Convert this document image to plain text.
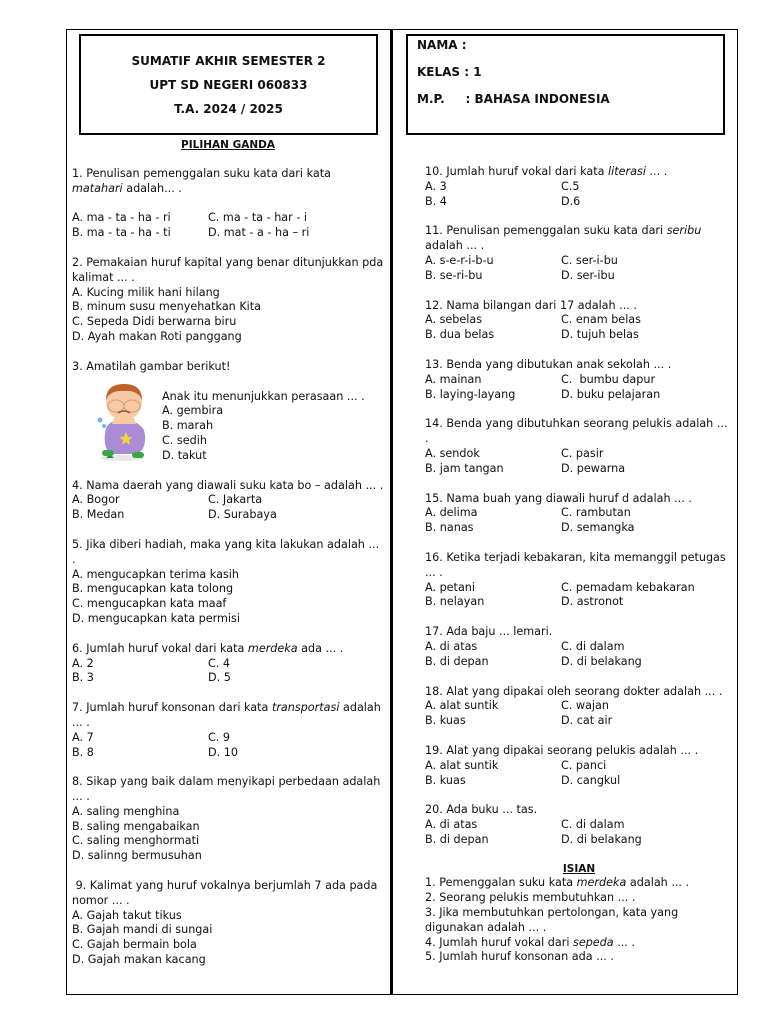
SUMATIF AKHIR SEMESTER 2
UPT SD NEGERI 060833
T.A. 2024 / 2025
NAMA :
KELAS : 1
M.P.     : BAHASA INDONESIA

PILIHAN GANDA

1. Penulisan pemenggalan suku kata dari kata matahari adalah... .

A. ma - ta - ha - ri	C. ma - ta - har - i
B. ma - ta - ha - ti	D. mat - a - ha – ri

2. Pemakaian huruf kapital yang benar ditunjukkan pda kalimat ... .

A. Kucing milik hani hilang
B. minum susu menyehatkan Kita
C. Sepeda Didi berwarna biru
D. Ayah makan Roti panggang

3. Amatilah gambar berikut!

Anak itu menunjukkan perasaan ... .
A. gembira
B. marah
C. sedih
D. takut

4. Nama daerah yang diawali suku kata bo – adalah ... .

A. Bogor	C. Jakarta
B. Medan	D. Surabaya

5. Jika diberi hadiah, maka yang kita lakukan adalah ... .

A. mengucapkan terima kasih
B. mengucapkan kata tolong
C. mengucapkan kata maaf
D. mengucapkan kata permisi

6. Jumlah huruf vokal dari kata merdeka ada ... .

A. 2	C. 4
B. 3	D. 5

7. Jumlah huruf konsonan dari kata transportasi adalah ... .

A. 7	C. 9
B. 8	D. 10

8. Sikap yang baik dalam menyikapi perbedaan adalah ... .

A. saling menghina
B. saling mengabaikan
C. saling menghormati
D. salinng bermusuhan

9. Kalimat yang huruf vokalnya berjumlah 7 ada pada nomor ... .

A. Gajah takut tikus
B. Gajah mandi di sungai
C. Gajah bermain bola
D. Gajah makan kacang

10. Jumlah huruf vokal dari kata literasi ... .

A. 3	C.5
B. 4	D.6

11. Penulisan pemenggalan suku kata dari seribu adalah ... .

A. s-e-r-i-b-u	C. ser-i-bu
B. se-ri-bu	D. ser-ibu

12. Nama bilangan dari 17 adalah ... .

A. sebelas	C. enam belas
B. dua belas	D. tujuh belas

13. Benda yang dibutukan anak sekolah ... .

A. mainan	C.  bumbu dapur
B. laying-layang	D. buku pelajaran

14. Benda yang dibutuhkan seorang pelukis adalah ... .

A. sendok	C. pasir
B. jam tangan	D. pewarna

15. Nama buah yang diawali huruf d adalah ... .

A. delima	C. rambutan
B. nanas	D. semangka

16. Ketika terjadi kebakaran, kita memanggil petugas ... .

A. petani	C. pemadam kebakaran
B. nelayan	D. astronot

17. Ada baju ... lemari.

A. di atas	C. di dalam
B. di depan	D. di belakang

18. Alat yang dipakai oleh seorang dokter adalah ... .

A. alat suntik	C. wajan
B. kuas	D. cat air

19. Alat yang dipakai seorang pelukis adalah ... .

A. alat suntik	C. panci
B. kuas	D. cangkul

20. Ada buku ... tas.

A. di atas	C. di dalam
B. di depan	D. di belakang

ISIAN

1. Pemenggalan suku kata merdeka adalah ... .
2. Seorang pelukis membutuhkan ... .
3. Jika membutuhkan pertolongan, kata yang digunakan adalah ... .
4. Jumlah huruf vokal dari sepeda ... .
5. Jumlah huruf konsonan ada ... .
